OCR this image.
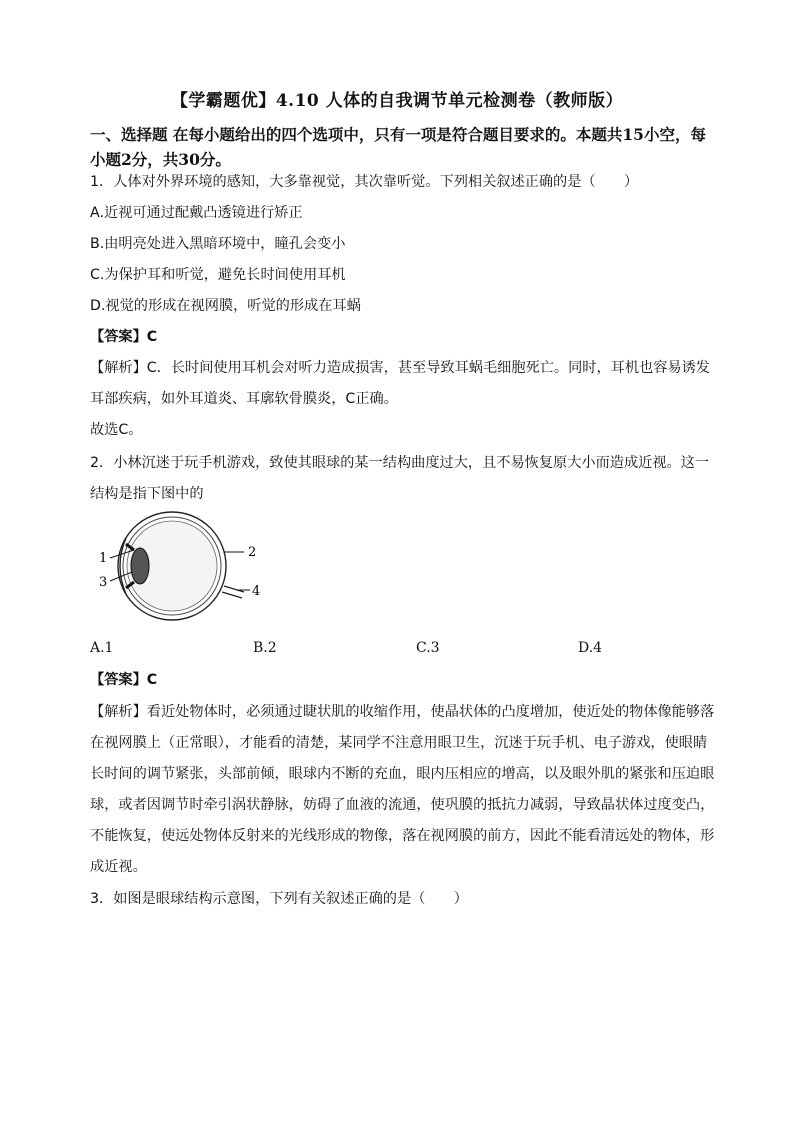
【学霸题优】4.10 人体的自我调节单元检测卷（教师版）
一、选择题 在每小题给出的四个选项中，只有一项是符合题目要求的。本题共15小空，每小题2分，共30分。
1．人体对外界环境的感知，大多靠视觉，其次靠听觉。下列相关叙述正确的是（　　）
A.近视可通过配戴凸透镜进行矫正
B.由明亮处进入黑暗环境中，瞳孔会变小
C.为保护耳和听觉，避免长时间使用耳机
D.视觉的形成在视网膜，听觉的形成在耳蜗
【答案】C
【解析】C．长时间使用耳机会对听力造成损害，甚至导致耳蜗毛细胞死亡。同时，耳机也容易诱发
耳部疾病，如外耳道炎、耳廓软骨膜炎，C正确。
故选C。
2．小林沉迷于玩手机游戏，致使其眼球的某一结构曲度过大，且不易恢复原大小而造成近视。这一
结构是指下图中的
1	2
3
4
A.1	B.2	C.3	D.4
【答案】C
【解析】看近处物体时，必须通过睫状肌的收缩作用，使晶状体的凸度增加，使近处的物体像能够落
在视网膜上（正常眼），才能看的清楚，某同学不注意用眼卫生，沉迷于玩手机、电子游戏，使眼睛
长时间的调节紧张，头部前倾，眼球内不断的充血，眼内压相应的增高，以及眼外肌的紧张和压迫眼
球，或者因调节时牵引涡状静脉，妨碍了血液的流通，使巩膜的抵抗力减弱，导致晶状体过度变凸，
不能恢复，使远处物体反射来的光线形成的物像，落在视网膜的前方，因此不能看清远处的物体，形
成近视。
3．如图是眼球结构示意图，下列有关叙述正确的是（　　）
